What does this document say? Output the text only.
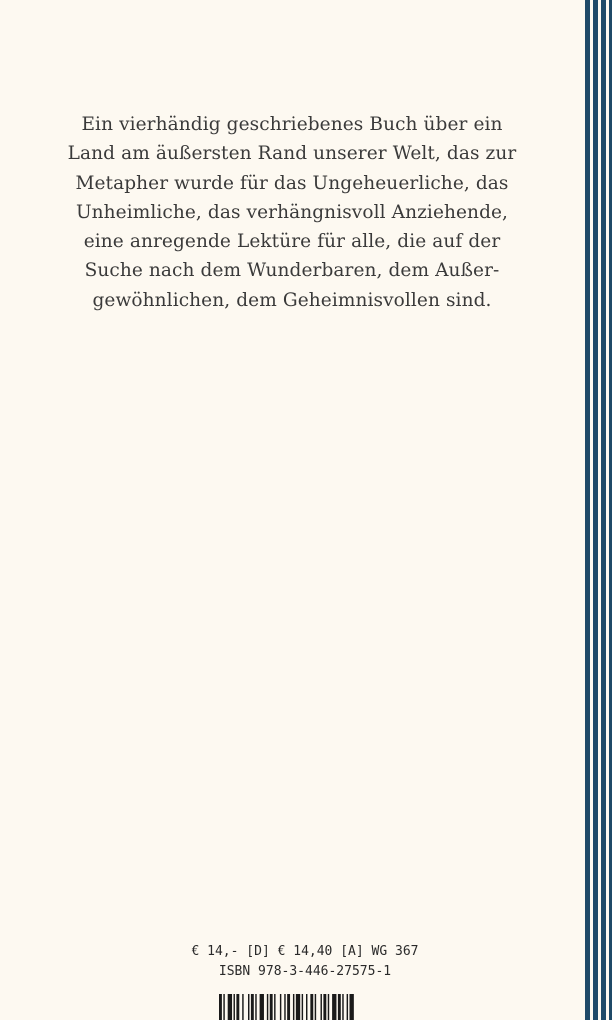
Ein vierhändig geschriebenes Buch über ein
Land am äußersten Rand unserer Welt, das zur
Metapher wurde für das Ungeheuerliche, das
Unheimliche, das verhängnisvoll Anziehende,
eine anregende Lektüre für alle, die auf der
Suche nach dem Wunderbaren, dem Außer-
gewöhnlichen, dem Geheimnisvollen sind.

€ 14,- [D] € 14,40 [A] WG 367
ISBN 978-3-446-27575-1
